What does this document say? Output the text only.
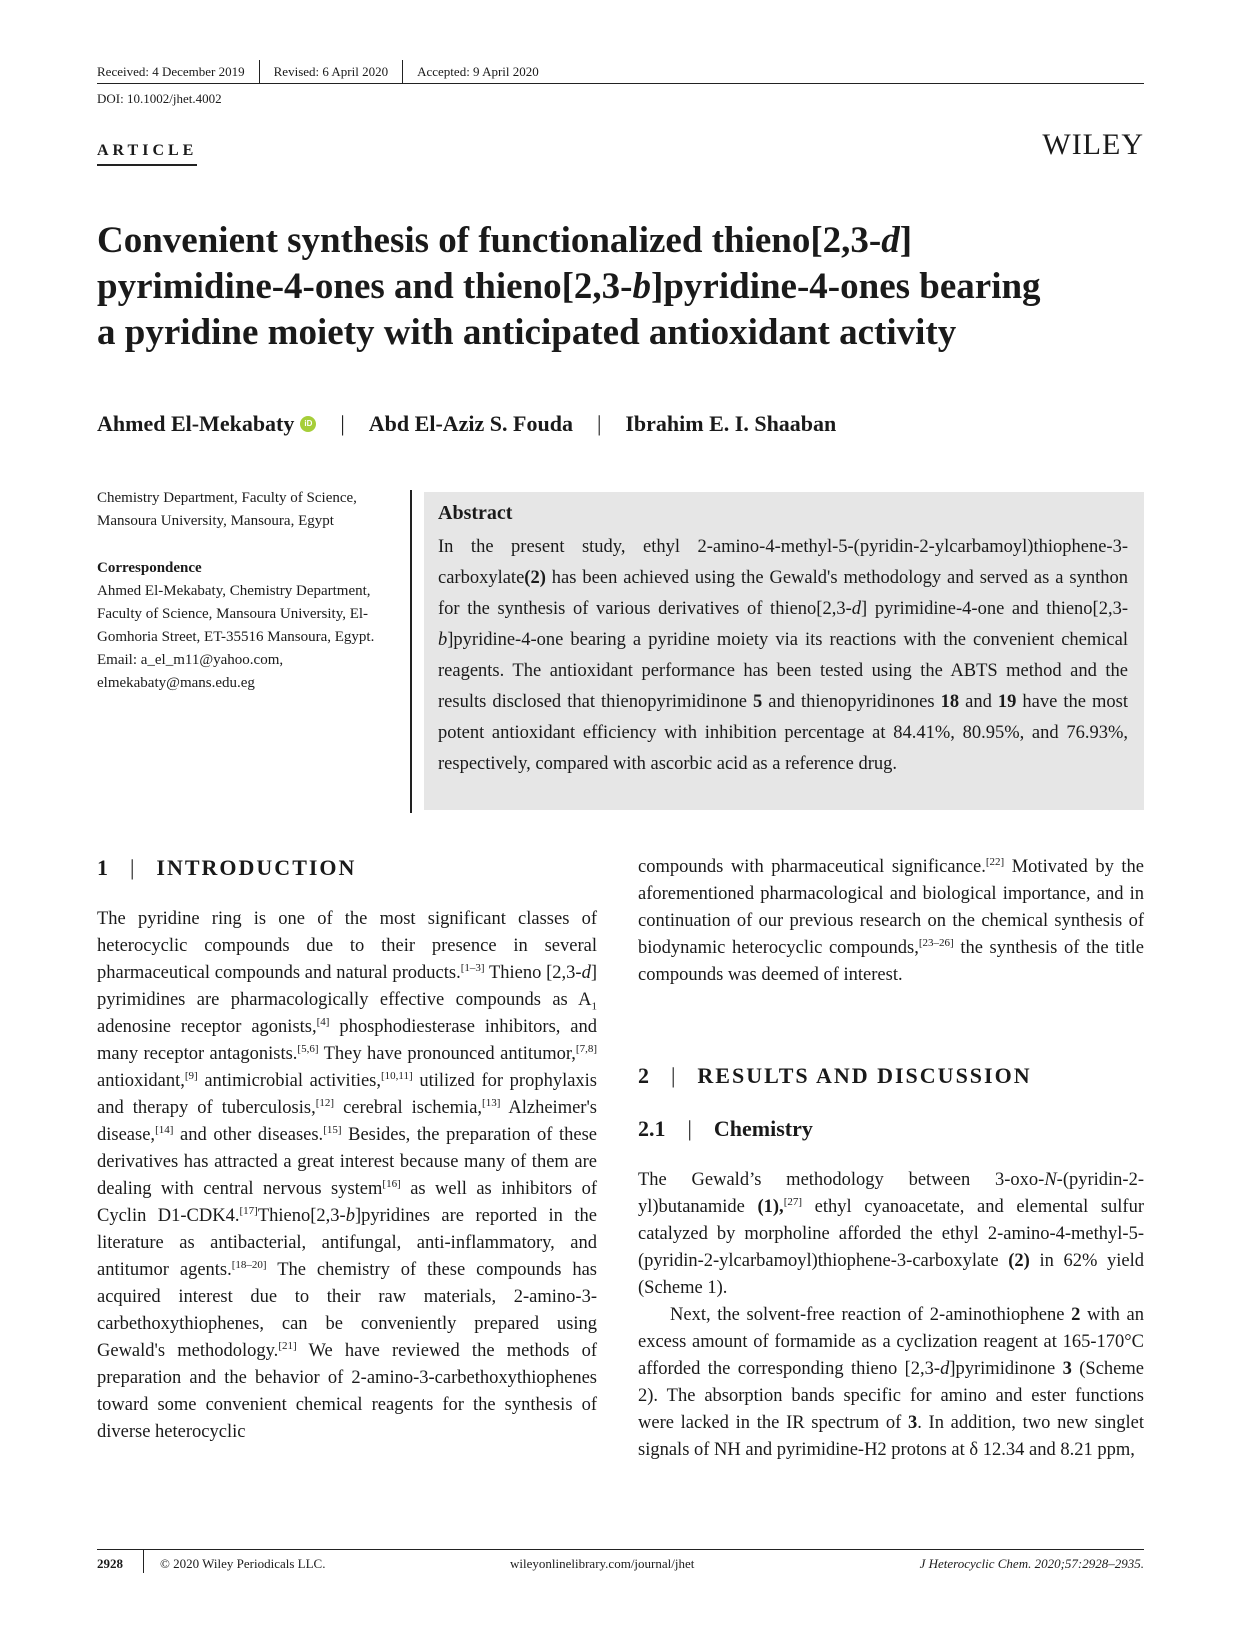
Received: 4 December 2019 Revised: 6 April 2020 Accepted: 9 April 2020
DOI: 10.1002/jhet.4002
ARTICLE	WILEY
Convenient synthesis of functionalized thieno[2,3-d]
pyrimidine-4-ones and thieno[2,3-b]pyridine-4-ones bearing
a pyridine moiety with anticipated antioxidant activity
Ahmed El-Mekabaty	iD | Abd El-Aziz S. Fouda | Ibrahim E. I. Shaaban

Chemistry Department, Faculty of Science, Mansoura University, Mansoura, Egypt

Correspondence

Ahmed El-Mekabaty, Chemistry Department, Faculty of Science, Mansoura University, El-Gomhoria Street, ET-35516 Mansoura, Egypt.

Email: a_el_m11@yahoo.com, elmekabaty@mans.edu.eg

Abstract

In the present study, ethyl 2-amino-4-methyl-5-(pyridin-2-ylcarbamoyl)thiophene-3-carboxylate(2) has been achieved using the Gewald's methodology and served as a synthon for the synthesis of various derivatives of thieno[2,3-d] pyrimidine-4-one and thieno[2,3-b]pyridine-4-one bearing a pyridine moiety via its reactions with the convenient chemical reagents. The antioxidant performance has been tested using the ABTS method and the results disclosed that thienopyrimidinone 5 and thienopyridinones 18 and 19 have the most potent antioxidant efficiency with inhibition percentage at 84.41%, 80.95%, and 76.93%, respectively, compared with ascorbic acid as a reference drug.

1 | INTRODUCTION

The pyridine ring is one of the most significant classes of heterocyclic compounds due to their presence in several pharmaceutical compounds and natural products.[1–3] Thieno [2,3-d] pyrimidines are pharmacologically effective compounds as $A_1$ adenosine receptor agonists,[4] phosphodiesterase inhibitors, and many receptor antagonists.[5,6] They have pronounced antitumor,[7,8] antioxidant,[9] antimicrobial activities,[10,11] utilized for prophylaxis and therapy of tuberculosis,[12] cerebral ischemia,[13] Alzheimer's disease,[14] and other diseases.[15] Besides, the preparation of these derivatives has attracted a great interest because many of them are dealing with central nervous system[16] as well as inhibitors of Cyclin D1-CDK4.[17]Thieno[2,3-b]pyridines are reported in the literature as antibacterial, antifungal, anti-inflammatory, and antitumor agents.[18–20] The chemistry of these compounds has acquired interest due to their raw materials, 2-amino-3-carbethoxythiophenes, can be conveniently prepared using Gewald's methodology.[21] We have reviewed the methods of preparation and the behavior of 2-amino-3-carbethoxythiophenes toward some convenient chemical reagents for the synthesis of diverse heterocyclic

compounds with pharmaceutical significance.[22] Motivated by the aforementioned pharmacological and biological importance, and in continuation of our previous research on the chemical synthesis of biodynamic heterocyclic compounds,[23–26] the synthesis of the title compounds was deemed of interest.

2 | RESULTS AND DISCUSSION
2.1 | Chemistry

The Gewald’s methodology between 3-oxo-N-(pyridin-2-yl)butanamide (1),[27] ethyl cyanoacetate, and elemental sulfur catalyzed by morpholine afforded the ethyl 2-amino-4-methyl-5-(pyridin-2-ylcarbamoyl)thiophene-3-carboxylate (2) in 62% yield (Scheme 1).

Next, the solvent-free reaction of 2-aminothiophene 2 with an excess amount of formamide as a cyclization reagent at 165-170°C afforded the corresponding thieno [2,3-d]pyrimidinone 3 (Scheme 2). The absorption bands specific for amino and ester functions were lacked in the IR spectrum of 3. In addition, two new singlet signals of NH and pyrimidine-H2 protons at δ 12.34 and 8.21 ppm,

2928	© 2020 Wiley Periodicals LLC.	wileyonlinelibrary.com/journal/jhet	J Heterocyclic Chem. 2020;57:2928–2935.
